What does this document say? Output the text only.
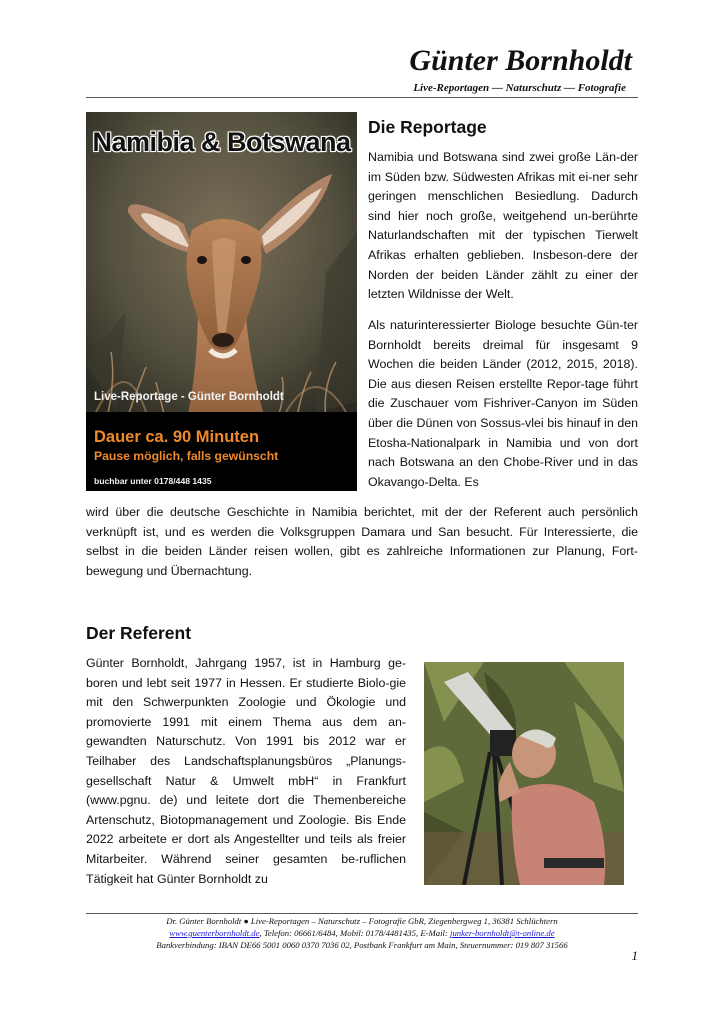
Günter Bornholdt
Live-Reportagen — Naturschutz — Fotografie
Namibia & Botswana
Live-Reportage - Günter Bornholdt
Dauer ca. 90 Minuten
Pause möglich, falls gewünscht
buchbar unter 0178/448 1435
Die Reportage

Namibia und Botswana sind zwei große Län-der im Süden bzw. Südwesten Afrikas mit ei-ner sehr geringen menschlichen Besiedlung. Dadurch sind hier noch große, weitgehend un-berührte Naturlandschaften mit der typischen Tierwelt Afrikas erhalten geblieben. Insbeson-dere der Norden der beiden Länder zählt zu einer der letzten Wildnisse der Welt.

Als naturinteressierter Biologe besuchte Gün-ter Bornholdt bereits dreimal für insgesamt 9 Wochen die beiden Länder (2012, 2015, 2018). Die aus diesen Reisen erstellte Repor-tage führt die Zuschauer vom Fishriver-Canyon im Süden über die Dünen von Sossus-vlei bis hinauf in den Etosha-Nationalpark in Namibia und von dort nach Botswana an den Chobe-River und in das Okavango-Delta. Es

wird über die deutsche Geschichte in Namibia berichtet, mit der der Referent auch persönlich verknüpft ist, und es werden die Volksgruppen Damara und San besucht. Für Interessierte, die selbst in die beiden Länder reisen wollen, gibt es zahlreiche Informationen zur Planung, Fort-bewegung und Übernachtung.

Der Referent

Günter Bornholdt, Jahrgang 1957, ist in Hamburg ge-boren und lebt seit 1977 in Hessen. Er studierte Biolo-gie mit den Schwerpunkten Zoologie und Ökologie und promovierte 1991 mit einem Thema aus dem an-gewandten Naturschutz. Von 1991 bis 2012 war er Teilhaber des Landschaftsplanungsbüros „Planungs-gesellschaft Natur & Umwelt mbH“ in Frankfurt (www.pgnu. de) und leitete dort die Themenbereiche Artenschutz, Biotopmanagement und Zoologie. Bis Ende 2022 arbeitete er dort als Angestellter und teils als freier Mitarbeiter. Während seiner gesamten be-ruflichen Tätigkeit hat Günter Bornholdt zu

Dr. Günter Bornholdt ● Live-Reportagen – Naturschutz – Fotografie GbR, Ziegenbergweg 1, 36381 Schlüchtern
www.guenterbornholdt.de, Telefon: 06661/6484, Mobil: 0178/4481435, E-Mail: junker-bornholdt@t-online.de
Bankverbindung: IBAN DE66 5001 0060 0370 7036 02, Postbank Frankfurt am Main, Steuernummer: 019 807 31566
1
